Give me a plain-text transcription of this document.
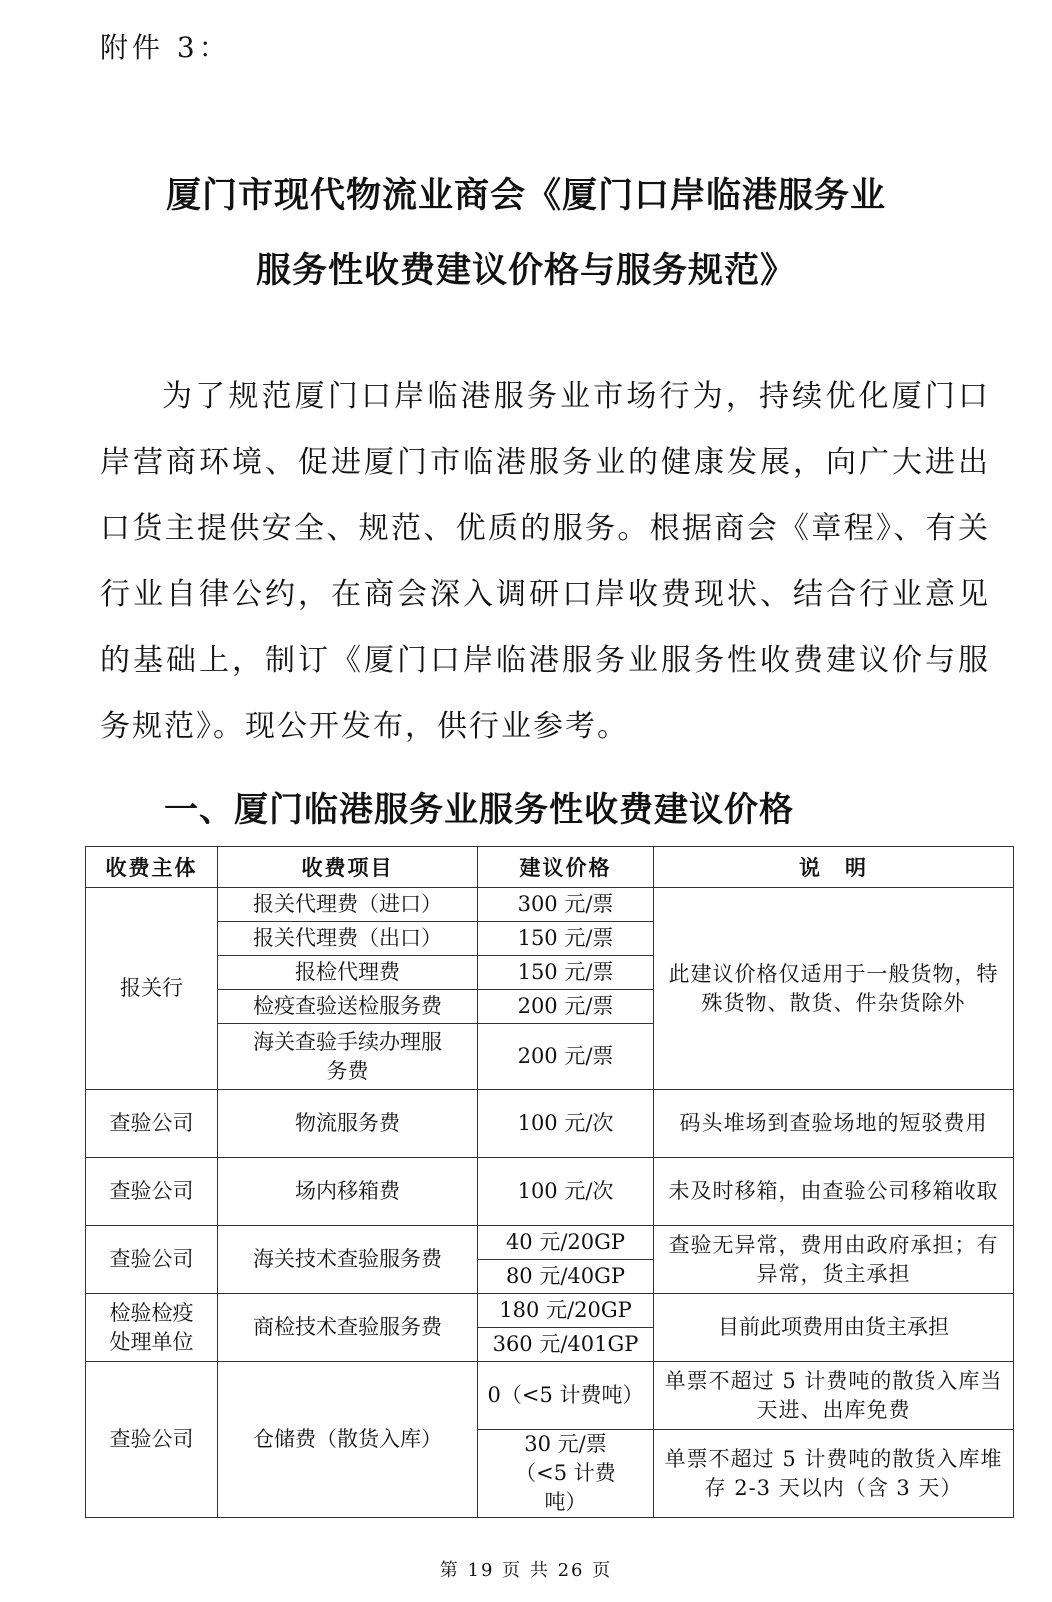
附件 3：
厦门市现代物流业商会《厦门口岸临港服务业
服务性收费建议价格与服务规范》

为了规范厦门口岸临港服务业市场行为，持续优化厦门口岸营商环境、促进厦门市临港服务业的健康发展，向广大进出口货主提供安全、规范、优质的服务。根据商会《章程》、有关行业自律公约，在商会深入调研口岸收费现状、结合行业意见的基础上，制订《厦门口岸临港服务业服务性收费建议价与服务规范》。现公开发布，供行业参考。

一、厦门临港服务业服务性收费建议价格
收费主体	收费项目	建议价格	说　明
报关行	报关代理费（进口）	300 元/票	此建议价格仅适用于一般货物，特殊货物、散货、件杂货除外
	报关代理费（出口）	150 元/票	
	报检代理费	150 元/票	
	检疫查验送检服务费	200 元/票	
	海关查验手续办理服务费	200 元/票	
查验公司	物流服务费	100 元/次	码头堆场到查验场地的短驳费用
查验公司	场内移箱费	100 元/次	未及时移箱，由查验公司移箱收取
查验公司	海关技术查验服务费	40 元/20GP	查验无异常，费用由政府承担；有异常，货主承担
		80 元/40GP	
检验检疫处理单位	商检技术查验服务费	180 元/20GP	目前此项费用由货主承担
		360 元/401GP	
查验公司	仓储费（散货入库）	0（<5 计费吨）	单票不超过 5 计费吨的散货入库当天进、出库免费
		30 元/票（<5 计费吨）	单票不超过 5 计费吨的散货入库堆存 2-3 天以内（含 3 天）
第 19 页 共 26 页
